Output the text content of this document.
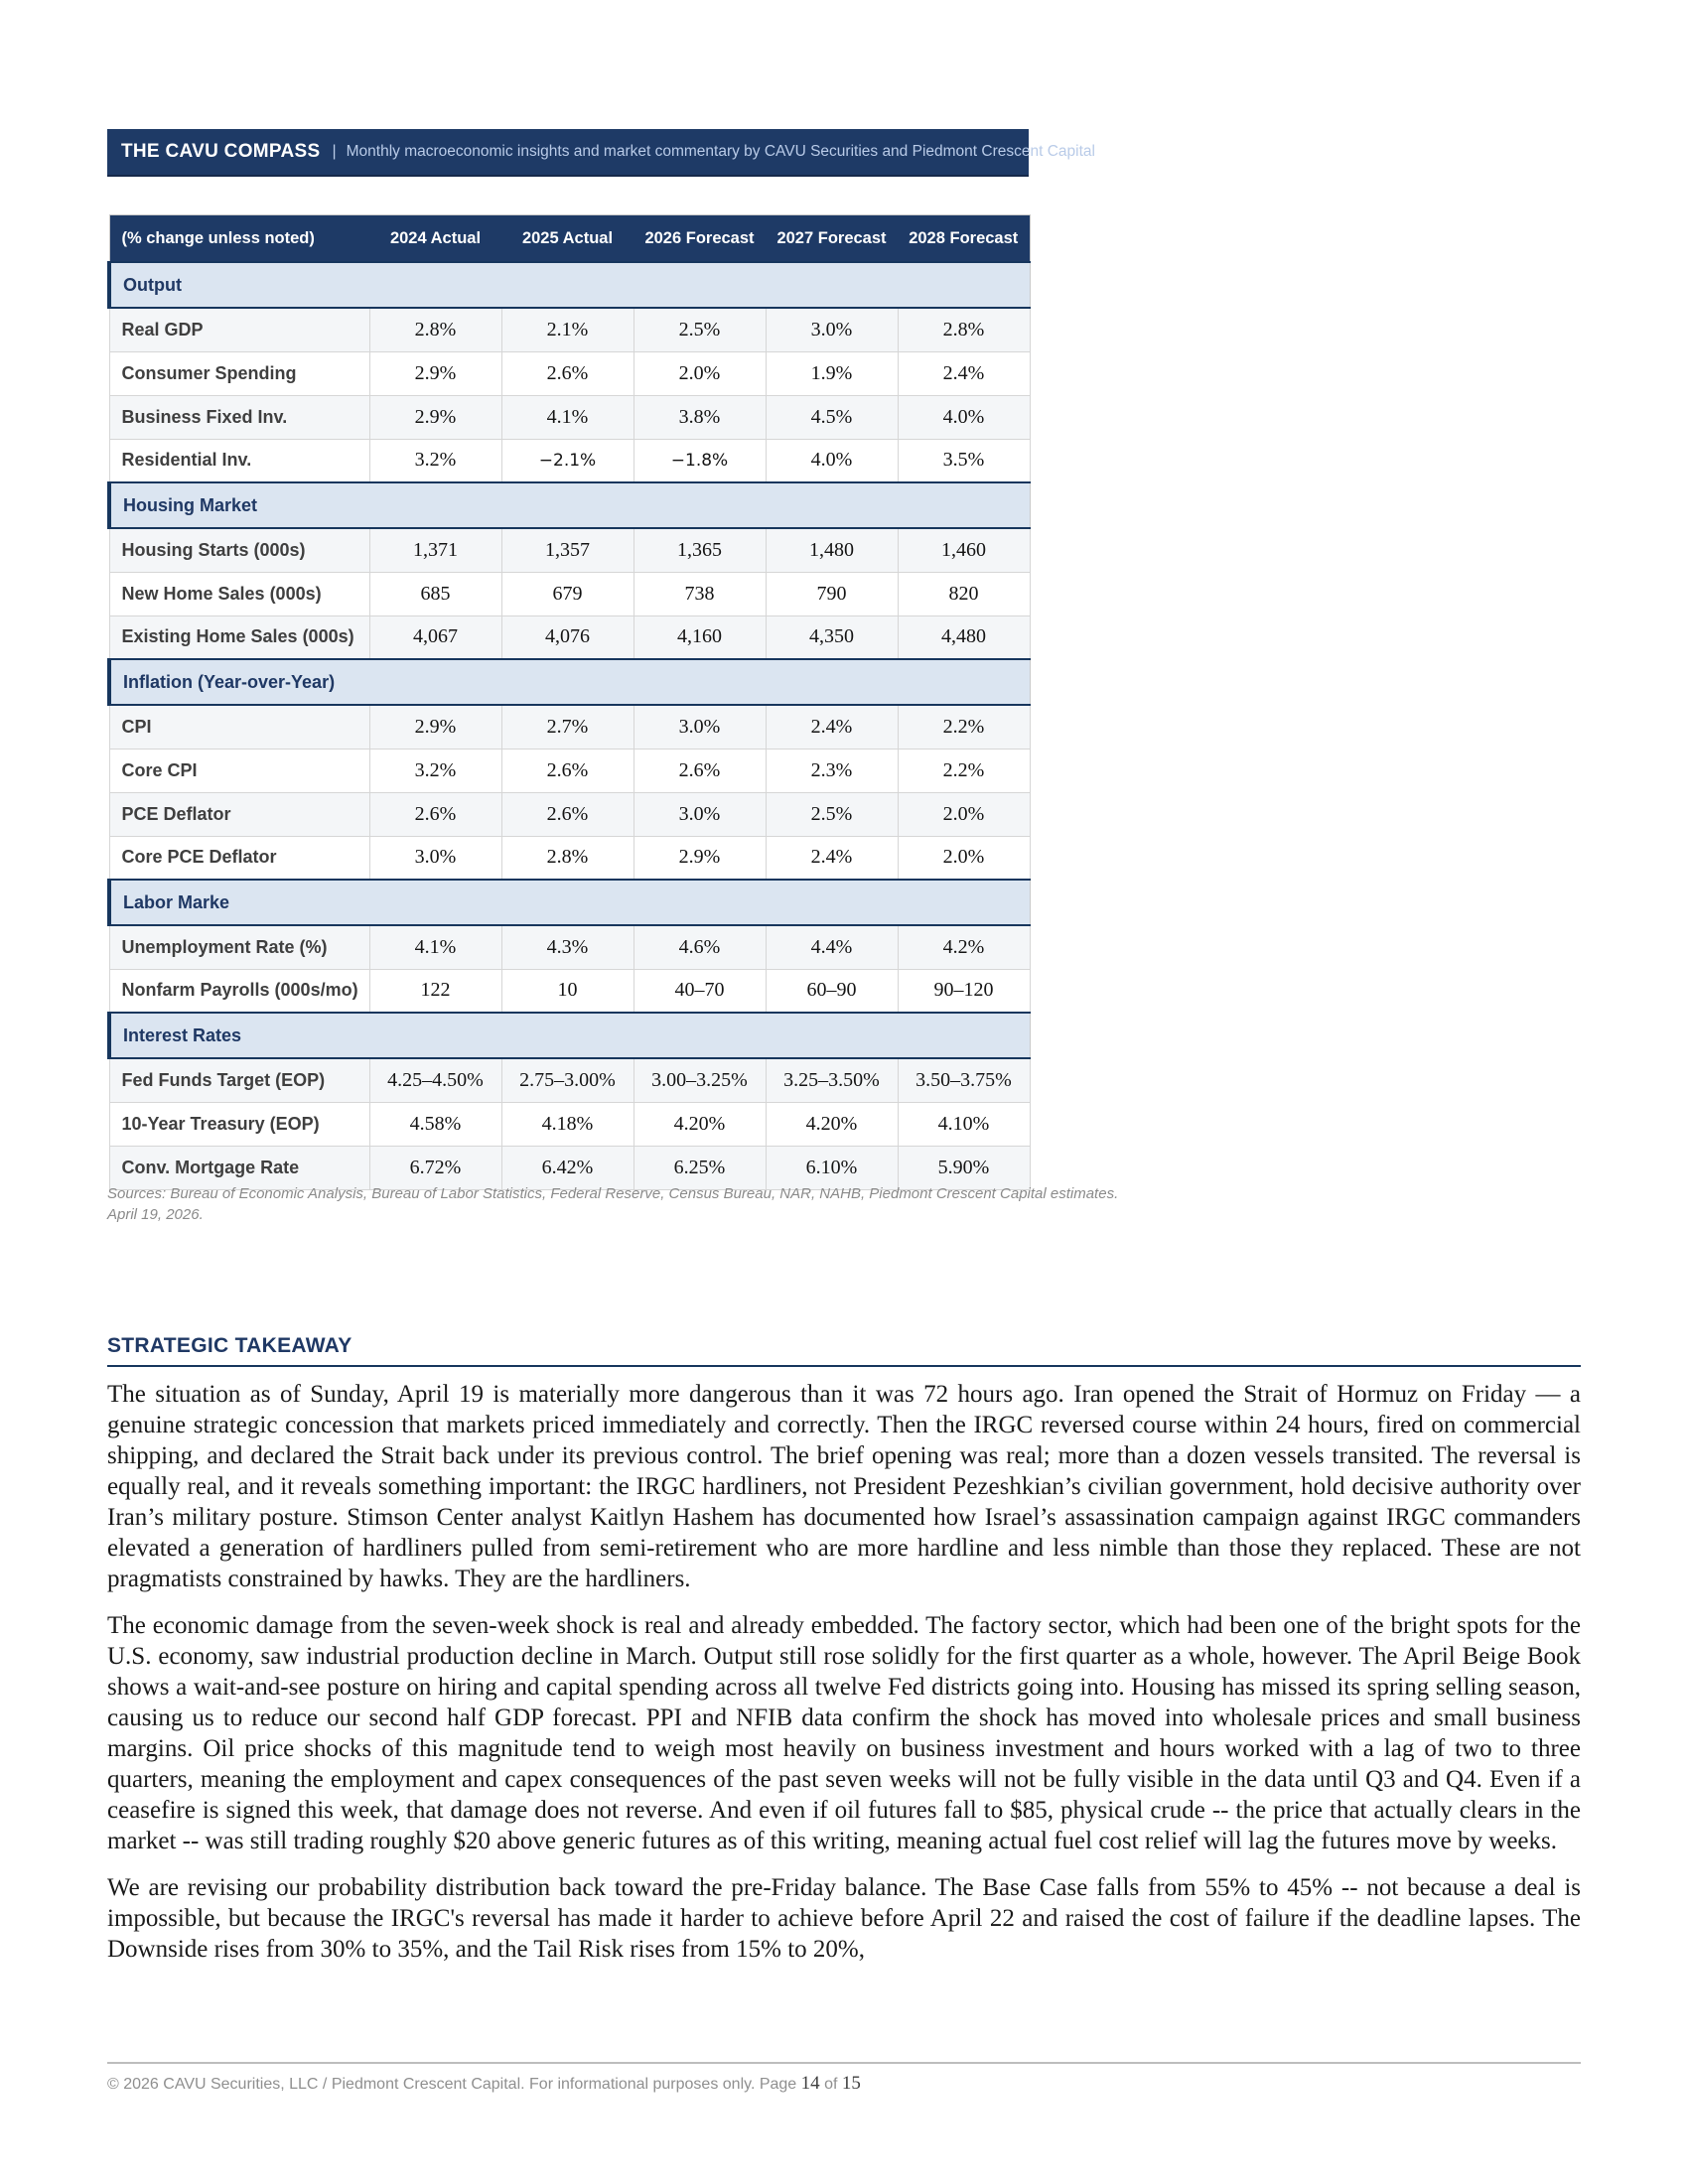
THE CAVU COMPASS | Monthly macroeconomic insights and market commentary by CAVU Securities and Piedmont Crescent Capital
(% change unless noted)	2024 Actual	2025 Actual	2026 Forecast	2027 Forecast	2028 Forecast
Output					
Real GDP	2.8%	2.1%	2.5%	3.0%	2.8%
Consumer Spending	2.9%	2.6%	2.0%	1.9%	2.4%
Business Fixed Inv.	2.9%	4.1%	3.8%	4.5%	4.0%
Residential Inv.	3.2%	−2.1%	−1.8%	4.0%	3.5%
Housing Market					
Housing Starts (000s)	1,371	1,357	1,365	1,480	1,460
New Home Sales (000s)	685	679	738	790	820
Existing Home Sales (000s)	4,067	4,076	4,160	4,350	4,480
Inflation (Year-over-Year)					
CPI	2.9%	2.7%	3.0%	2.4%	2.2%
Core CPI	3.2%	2.6%	2.6%	2.3%	2.2%
PCE Deflator	2.6%	2.6%	3.0%	2.5%	2.0%
Core PCE Deflator	3.0%	2.8%	2.9%	2.4%	2.0%
Labor Marke					
Unemployment Rate (%)	4.1%	4.3%	4.6%	4.4%	4.2%
Nonfarm Payrolls (000s/mo)	122	10	40–70	60–90	90–120
Interest Rates					
Fed Funds Target (EOP)	4.25–4.50%	2.75–3.00%	3.00–3.25%	3.25–3.50%	3.50–3.75%
10-Year Treasury (EOP)	4.58%	4.18%	4.20%	4.20%	4.10%
Conv. Mortgage Rate	6.72%	6.42%	6.25%	6.10%	5.90%
Sources: Bureau of Economic Analysis, Bureau of Labor Statistics, Federal Reserve, Census Bureau, NAR, NAHB, Piedmont Crescent Capital estimates. April 19, 2026.
STRATEGIC TAKEAWAY

The situation as of Sunday, April 19 is materially more dangerous than it was 72 hours ago. Iran opened the Strait of Hormuz on Friday — a genuine strategic concession that markets priced immediately and correctly. Then the IRGC reversed course within 24 hours, fired on commercial shipping, and declared the Strait back under its previous control. The brief opening was real; more than a dozen vessels transited. The reversal is equally real, and it reveals something important: the IRGC hardliners, not President Pezeshkian’s civilian government, hold decisive authority over Iran’s military posture. Stimson Center analyst Kaitlyn Hashem has documented how Israel’s assassination campaign against IRGC commanders elevated a generation of hardliners pulled from semi-retirement who are more hardline and less nimble than those they replaced. These are not pragmatists constrained by hawks. They are the hardliners.

The economic damage from the seven-week shock is real and already embedded. The factory sector, which had been one of the bright spots for the U.S. economy, saw industrial production decline in March. Output still rose solidly for the first quarter as a whole, however. The April Beige Book shows a wait-and-see posture on hiring and capital spending across all twelve Fed districts going into. Housing has missed its spring selling season, causing us to reduce our second half GDP forecast. PPI and NFIB data confirm the shock has moved into wholesale prices and small business margins. Oil price shocks of this magnitude tend to weigh most heavily on business investment and hours worked with a lag of two to three quarters, meaning the employment and capex consequences of the past seven weeks will not be fully visible in the data until Q3 and Q4. Even if a ceasefire is signed this week, that damage does not reverse. And even if oil futures fall to $85, physical crude -- the price that actually clears in the market -- was still trading roughly $20 above generic futures as of this writing, meaning actual fuel cost relief will lag the futures move by weeks.

We are revising our probability distribution back toward the pre-Friday balance. The Base Case falls from 55% to 45% -- not because a deal is impossible, but because the IRGC's reversal has made it harder to achieve before April 22 and raised the cost of failure if the deadline lapses. The Downside rises from 30% to 35%, and the Tail Risk rises from 15% to 20%,

© 2026 CAVU Securities, LLC / Piedmont Crescent Capital. For informational purposes only. Page 14 of 15
